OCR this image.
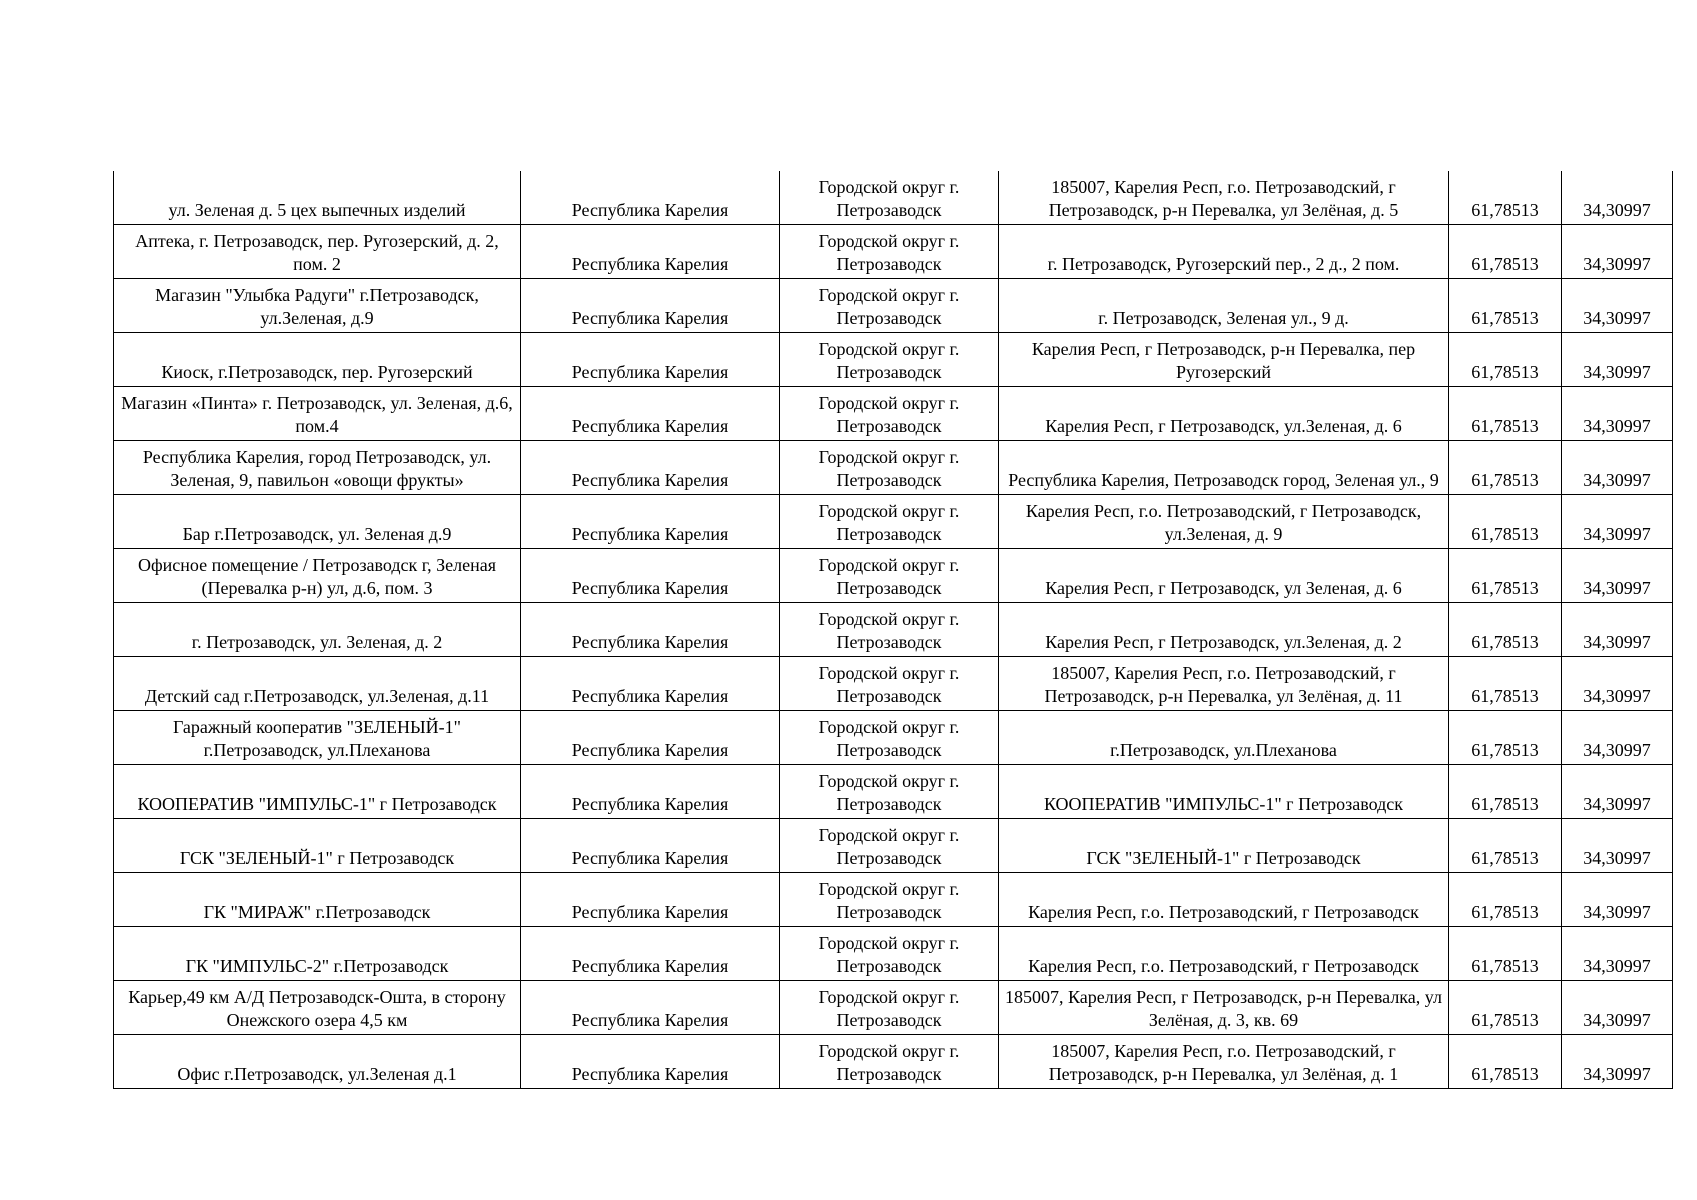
ул. Зеленая д. 5 цех выпечных изделий	Республика Карелия	Городской округ г. Петрозаводск	185007, Карелия Респ, г.о. Петрозаводский, г Петрозаводск, р-н Перевалка, ул Зелёная, д. 5	61,78513	34,30997
Аптека, г. Петрозаводск, пер. Ругозерский, д. 2, пом. 2	Республика Карелия	Городской округ г. Петрозаводск	г. Петрозаводск, Ругозерский пер., 2 д., 2 пом.	61,78513	34,30997
Магазин "Улыбка Радуги" г.Петрозаводск, ул.Зеленая, д.9	Республика Карелия	Городской округ г. Петрозаводск	г. Петрозаводск, Зеленая ул., 9 д.	61,78513	34,30997
Киоск, г.Петрозаводск, пер. Ругозерский	Республика Карелия	Городской округ г. Петрозаводск	Карелия Респ, г Петрозаводск, р-н Перевалка, пер Ругозерский	61,78513	34,30997
Магазин «Пинта» г. Петрозаводск, ул. Зеленая, д.6, пом.4	Республика Карелия	Городской округ г. Петрозаводск	Карелия Респ, г Петрозаводск, ул.Зеленая, д. 6	61,78513	34,30997
Республика Карелия, город Петрозаводск, ул. Зеленая, 9, павильон «овощи фрукты»	Республика Карелия	Городской округ г. Петрозаводск	Республика Карелия, Петрозаводск город, Зеленая ул., 9	61,78513	34,30997
Бар г.Петрозаводск, ул. Зеленая д.9	Республика Карелия	Городской округ г. Петрозаводск	Карелия Респ, г.о. Петрозаводский, г Петрозаводск, ул.Зеленая, д. 9	61,78513	34,30997
Офисное помещение / Петрозаводск г, Зеленая (Перевалка р-н) ул, д.6, пом. 3	Республика Карелия	Городской округ г. Петрозаводск	Карелия Респ, г Петрозаводск, ул Зеленая, д. 6	61,78513	34,30997
г. Петрозаводск, ул. Зеленая, д. 2	Республика Карелия	Городской округ г. Петрозаводск	Карелия Респ, г Петрозаводск, ул.Зеленая, д. 2	61,78513	34,30997
Детский сад г.Петрозаводск, ул.Зеленая, д.11	Республика Карелия	Городской округ г. Петрозаводск	185007, Карелия Респ, г.о. Петрозаводский, г Петрозаводск, р-н Перевалка, ул Зелёная, д. 11	61,78513	34,30997
Гаражный кооператив "ЗЕЛЕНЫЙ-1" г.Петрозаводск, ул.Плеханова	Республика Карелия	Городской округ г. Петрозаводск	г.Петрозаводск, ул.Плеханова	61,78513	34,30997
КООПЕРАТИВ "ИМПУЛЬС-1" г Петрозаводск	Республика Карелия	Городской округ г. Петрозаводск	КООПЕРАТИВ "ИМПУЛЬС-1" г Петрозаводск	61,78513	34,30997
ГСК "ЗЕЛЕНЫЙ-1" г Петрозаводск	Республика Карелия	Городской округ г. Петрозаводск	ГСК "ЗЕЛЕНЫЙ-1" г Петрозаводск	61,78513	34,30997
ГК "МИРАЖ" г.Петрозаводск	Республика Карелия	Городской округ г. Петрозаводск	Карелия Респ, г.о. Петрозаводский, г Петрозаводск	61,78513	34,30997
ГК "ИМПУЛЬС-2" г.Петрозаводск	Республика Карелия	Городской округ г. Петрозаводск	Карелия Респ, г.о. Петрозаводский, г Петрозаводск	61,78513	34,30997
Карьер,49 км А/Д Петрозаводск-Ошта, в сторону Онежского озера 4,5 км	Республика Карелия	Городской округ г. Петрозаводск	185007, Карелия Респ, г Петрозаводск, р-н Перевалка, ул Зелёная, д. 3, кв. 69	61,78513	34,30997
Офис г.Петрозаводск, ул.Зеленая д.1	Республика Карелия	Городской округ г. Петрозаводск	185007, Карелия Респ, г.о. Петрозаводский, г Петрозаводск, р-н Перевалка, ул Зелёная, д. 1	61,78513	34,30997
